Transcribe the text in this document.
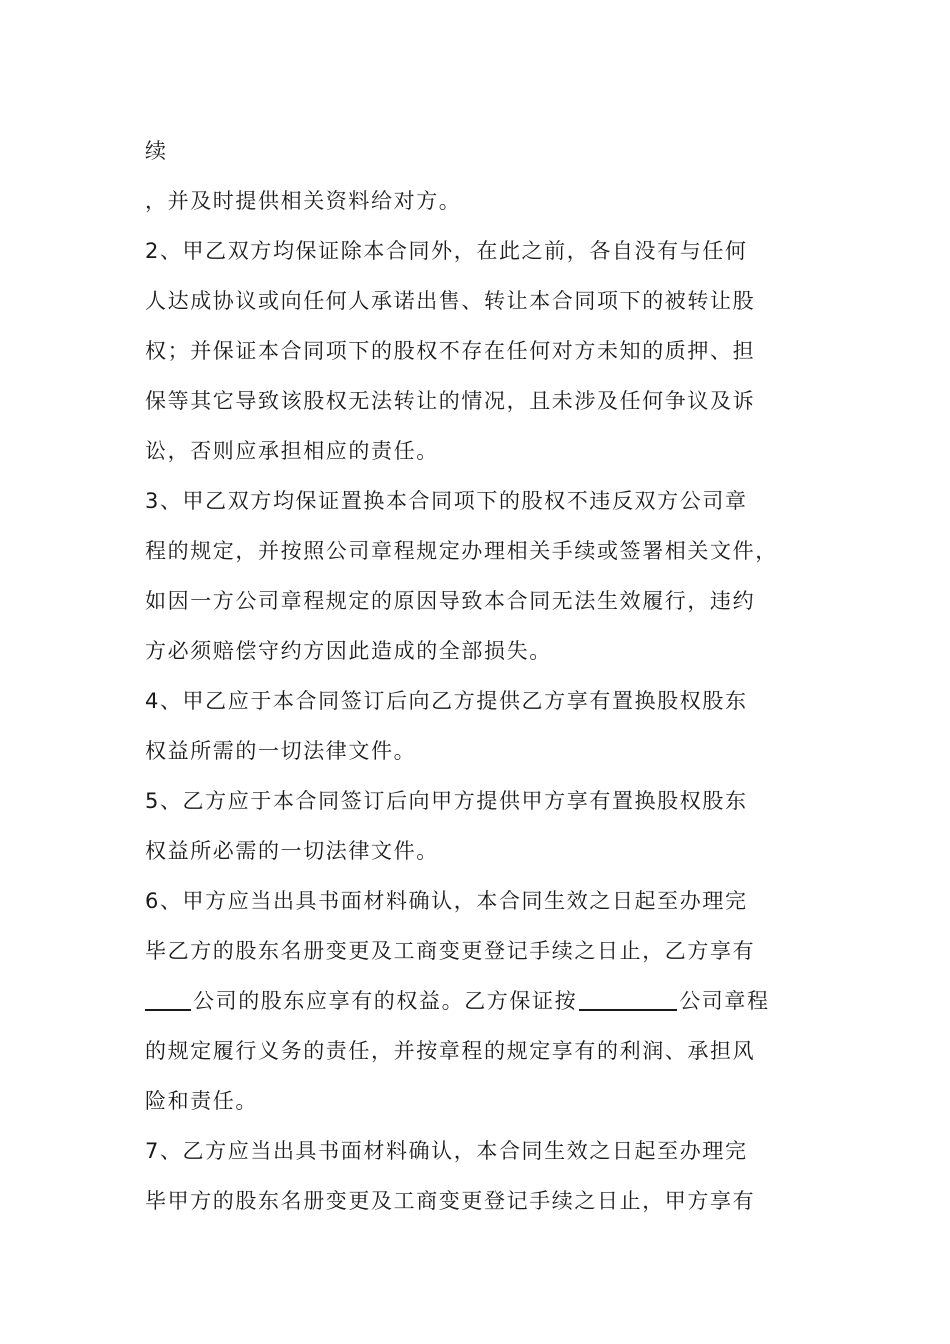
续
，并及时提供相关资料给对方。
2、甲乙双方均保证除本合同外，在此之前，各自没有与任何
人达成协议或向任何人承诺出售、转让本合同项下的被转让股
权；并保证本合同项下的股权不存在任何对方未知的质押、担
保等其它导致该股权无法转让的情况，且未涉及任何争议及诉
讼，否则应承担相应的责任。
3、甲乙双方均保证置换本合同项下的股权不违反双方公司章
程的规定，并按照公司章程规定办理相关手续或签署相关文件，
如因一方公司章程规定的原因导致本合同无法生效履行，违约
方必须赔偿守约方因此造成的全部损失。
4、甲乙应于本合同签订后向乙方提供乙方享有置换股权股东
权益所需的一切法律文件。
5、乙方应于本合同签订后向甲方提供甲方享有置换股权股东
权益所必需的一切法律文件。
6、甲方应当出具书面材料确认，本合同生效之日起至办理完
毕乙方的股东名册变更及工商变更登记手续之日止，乙方享有
公司的股东应享有的权益。乙方保证按	公司章程
的规定履行义务的责任，并按章程的规定享有的利润、承担风
险和责任。
7、乙方应当出具书面材料确认，本合同生效之日起至办理完
毕甲方的股东名册变更及工商变更登记手续之日止，甲方享有
